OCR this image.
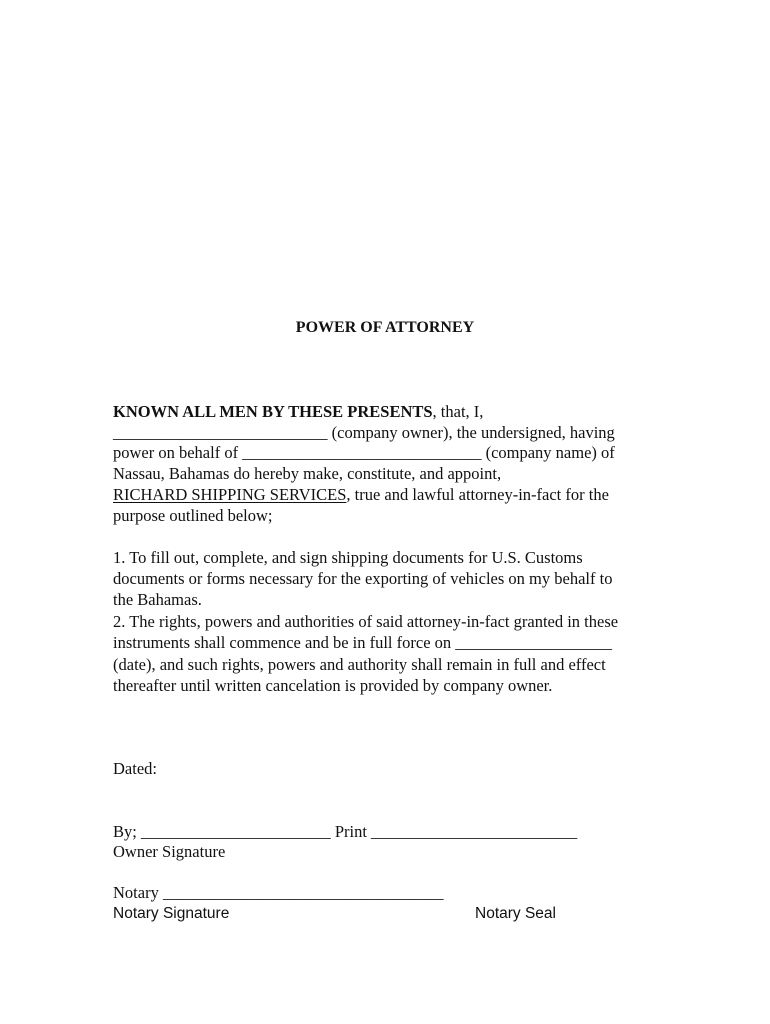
POWER OF ATTORNEY
KNOWN ALL MEN BY THESE PRESENTS, that, I,
__________________________ (company owner), the undersigned, having
power on behalf of _____________________________ (company name) of
Nassau, Bahamas do hereby make, constitute, and appoint,
RICHARD SHIPPING SERVICES, true and lawful attorney-in-fact for the
purpose outlined below;
1. To fill out, complete, and sign shipping documents for U.S. Customs
documents or forms necessary for the exporting of vehicles on my behalf to
the Bahamas.
2. The rights, powers and authorities of said attorney-in-fact granted in these
instruments shall commence and be in full force on ___________________
(date), and such rights, powers and authority shall remain in full and effect
thereafter until written cancelation is provided by company owner.
Dated:
By; _______________________ Print _________________________
Owner Signature
Notary __________________________________
Notary Signature	Notary Seal
